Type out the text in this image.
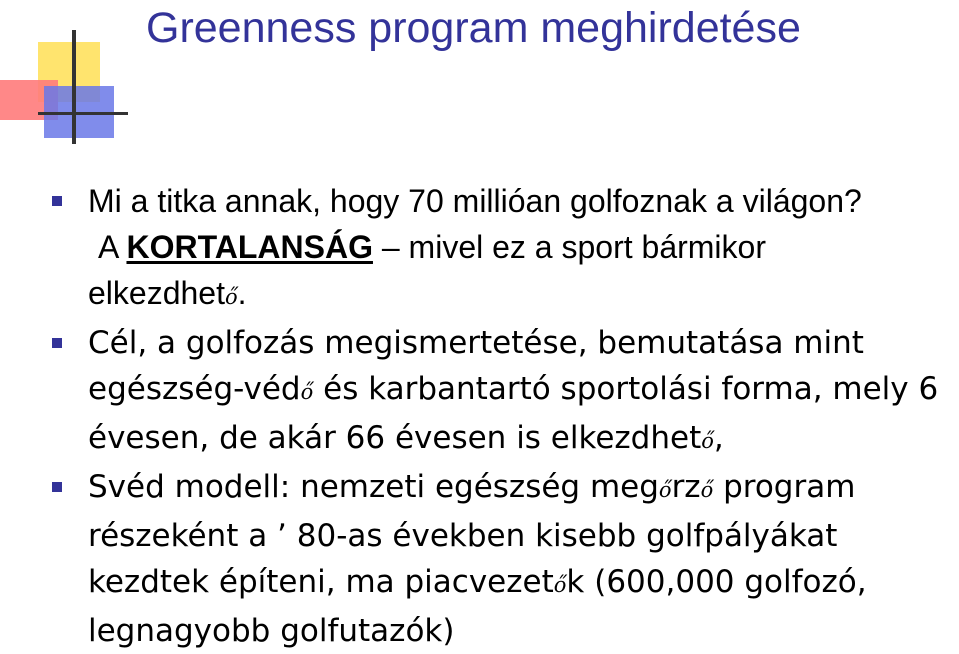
Greenness program meghirdetése
Mi a titka annak, hogy 70 millióan golfoznak a világon?
A KORTALANSÁG – mivel ez a sport bármikor
elkezdhető.
Cél, a golfozás megismertetése, bemutatása mint
egészség-védő és karbantartó sportolási forma, mely 6
évesen, de akár 66 évesen is elkezdhető,
Svéd modell: nemzeti egészség megőrző program
részeként a ’ 80-as években kisebb golfpályákat
kezdtek építeni, ma piacvezetők (600,000 golfozó,
legnagyobb golfutazók)
